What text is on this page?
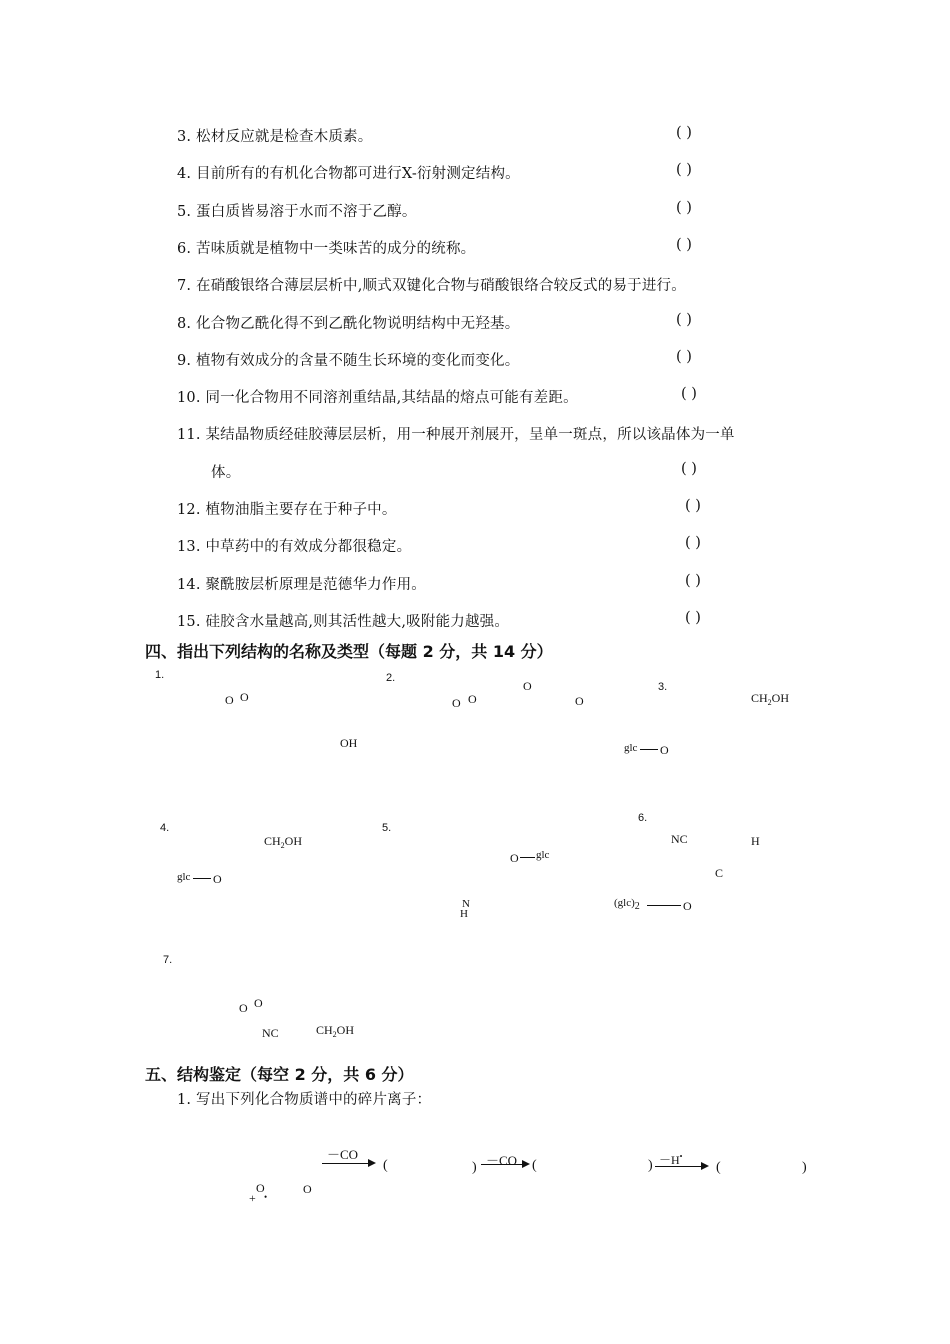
3. 松材反应就是检查木质素。	( )
4. 目前所有的有机化合物都可进行X-衍射测定结构。	( )
5. 蛋白质皆易溶于水而不溶于乙醇。	( )
6. 苦味质就是植物中一类味苦的成分的统称。	( )
7. 在硝酸银络合薄层层析中,顺式双键化合物与硝酸银络合较反式的易于进行。
8. 化合物乙酰化得不到乙酰化物说明结构中无羟基。	( )
9. 植物有效成分的含量不随生长环境的变化而变化。	( )
10. 同一化合物用不同溶剂重结晶,其结晶的熔点可能有差距。	( )
11. 某结晶物质经硅胶薄层层析，用一种展开剂展开，呈单一斑点，所以该晶体为一单
体。	( )
12. 植物油脂主要存在于种子中。	( )
13. 中草药中的有效成分都很稳定。	( )
14. 聚酰胺层析原理是范德华力作用。	( )
15. 硅胶含水量越高,则其活性越大,吸附能力越强。	( )
四、指出下列结构的名称及类型（每题 2 分，共 14 分）
1.
O O
OH
2.
O O
O
O
3.
$CH_2OH$
glc O
4.
$CH_2OH$
glc O
5.
O glc
N
H
6.
NC	H
C
(glc)2	O
7.
O O
NC	$CH_2OH$
五、结构鉴定（每空 2 分，共 6 分）
1. 写出下列化合物质谱中的碎片离子：
－CO
(	) －CO (	) －H•
(	)
O
+ •
O
